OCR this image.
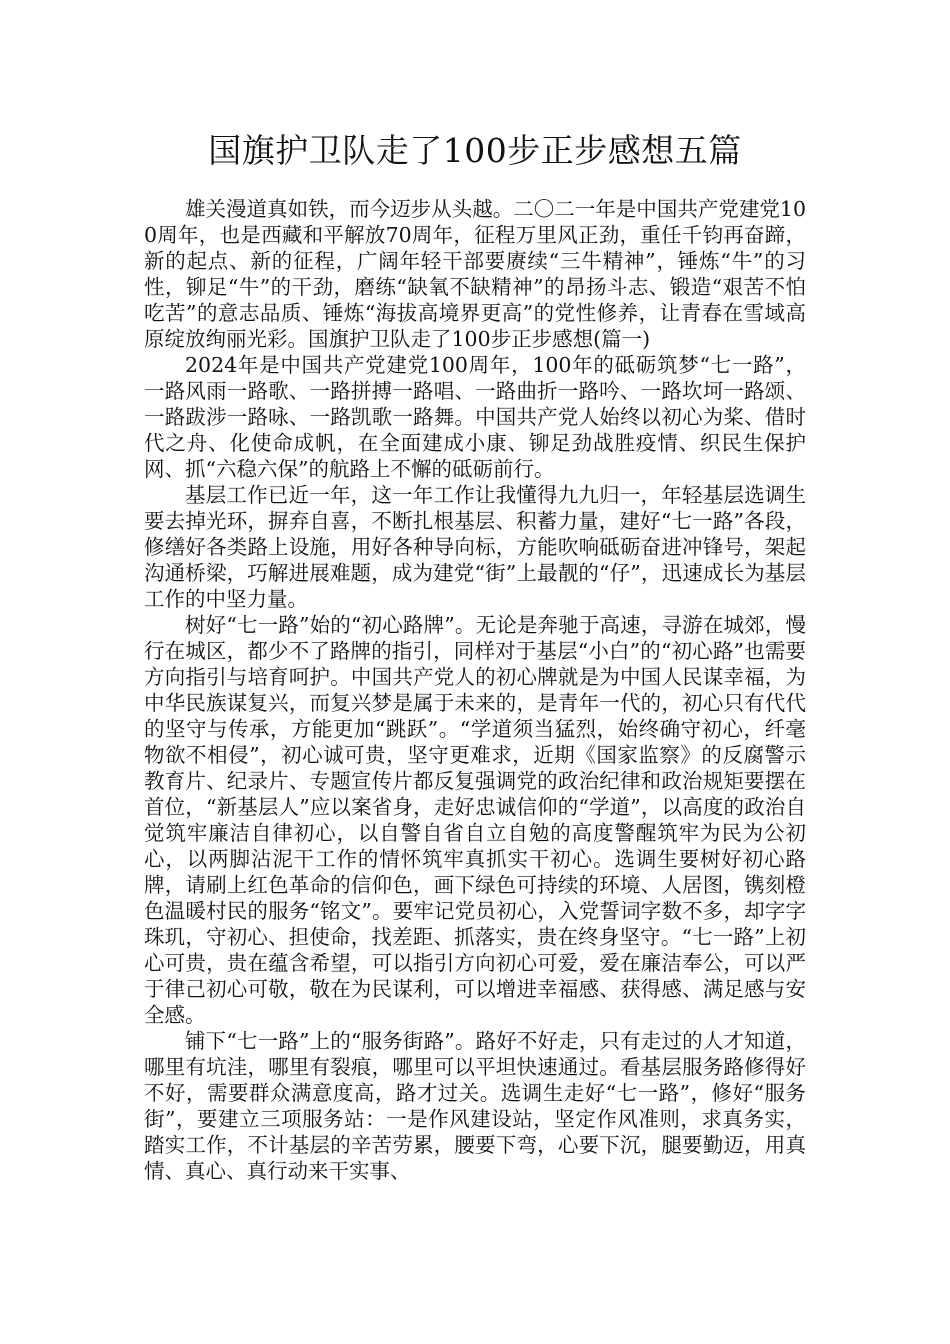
国旗护卫队走了100步正步感想五篇

雄关漫道真如铁，而今迈步从头越。二〇二一年是中国共产党建党100周年，也是西藏和平解放70周年，征程万里风正劲，重任千钧再奋蹄，新的起点、新的征程，广阔年轻干部要赓续“三牛精神”，锤炼“牛”的习性，铆足“牛”的干劲，磨练“缺氧不缺精神”的昂扬斗志、锻造“艰苦不怕吃苦”的意志品质、锤炼“海拔高境界更高”的党性修养，让青春在雪域高原绽放绚丽光彩。国旗护卫队走了100步正步感想(篇一)

2024年是中国共产党建党100周年，100年的砥砺筑梦“七一路”，一路风雨一路歌、一路拼搏一路唱、一路曲折一路吟、一路坎坷一路颂、一路跋涉一路咏、一路凯歌一路舞。中国共产党人始终以初心为桨、借时代之舟、化使命成帆，在全面建成小康、铆足劲战胜疫情、织民生保护网、抓“六稳六保”的航路上不懈的砥砺前行。

基层工作已近一年，这一年工作让我懂得九九归一，年轻基层选调生要去掉光环，摒弃自喜，不断扎根基层、积蓄力量，建好“七一路”各段，修缮好各类路上设施，用好各种导向标，方能吹响砥砺奋进冲锋号，架起沟通桥梁，巧解进展难题，成为建党“街”上最靓的“仔”，迅速成长为基层工作的中坚力量。

树好“七一路”始的“初心路牌”。无论是奔驰于高速，寻游在城郊，慢行在城区，都少不了路牌的指引，同样对于基层“小白”的“初心路”也需要方向指引与培育呵护。中国共产党人的初心牌就是为中国人民谋幸福，为中华民族谋复兴，而复兴梦是属于未来的，是青年一代的，初心只有代代的坚守与传承，方能更加“跳跃”。“学道须当猛烈，始终确守初心，纤毫物欲不相侵”，初心诚可贵，坚守更难求，近期《国家监察》的反腐警示教育片、纪录片、专题宣传片都反复强调党的政治纪律和政治规矩要摆在首位，“新基层人”应以案省身，走好忠诚信仰的“学道”，以高度的政治自觉筑牢廉洁自律初心，以自警自省自立自勉的高度警醒筑牢为民为公初心，以两脚沾泥干工作的情怀筑牢真抓实干初心。选调生要树好初心路牌，请刷上红色革命的信仰色，画下绿色可持续的环境、人居图，镌刻橙色温暖村民的服务“铭文”。要牢记党员初心，入党誓词字数不多，却字字珠玑，守初心、担使命，找差距、抓落实，贵在终身坚守。“七一路”上初心可贵，贵在蕴含希望，可以指引方向初心可爱，爱在廉洁奉公，可以严于律己初心可敬，敬在为民谋利，可以增进幸福感、获得感、满足感与安全感。

铺下“七一路”上的“服务街路”。路好不好走，只有走过的人才知道，哪里有坑洼，哪里有裂痕，哪里可以平坦快速通过。看基层服务路修得好不好，需要群众满意度高，路才过关。选调生走好“七一路”，修好“服务街”，要建立三项服务站：一是作风建设站，坚定作风准则，求真务实，踏实工作，不计基层的辛苦劳累，腰要下弯，心要下沉，腿要勤迈，用真情、真心、真行动来干实事、
